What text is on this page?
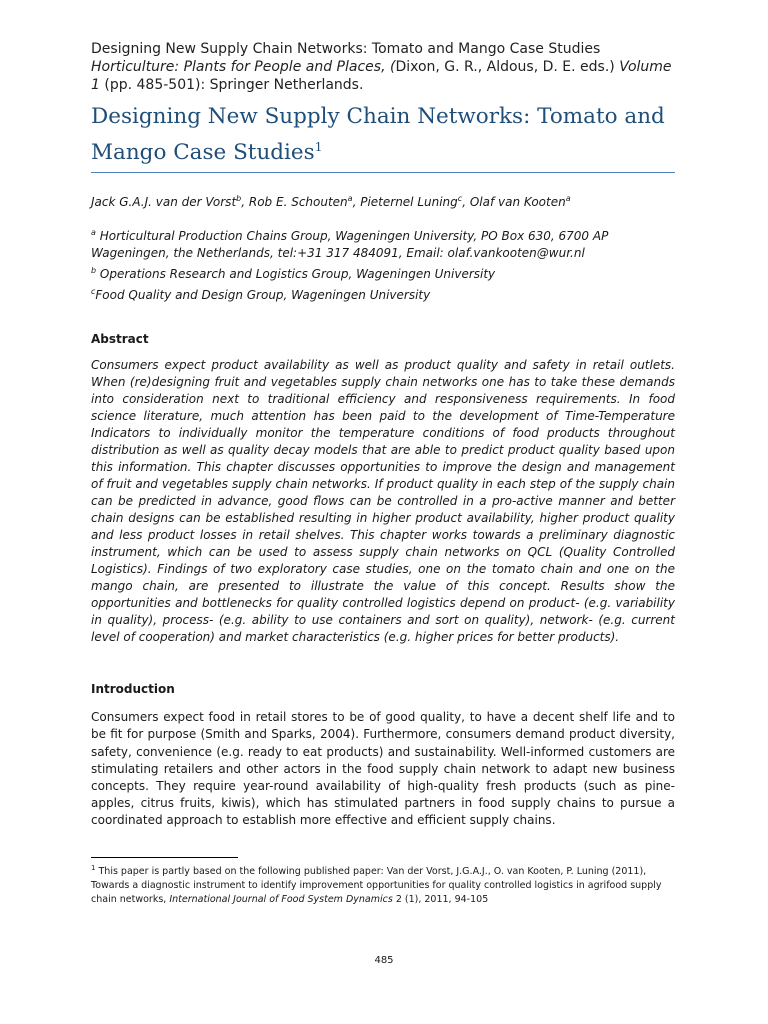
Designing New Supply Chain Networks: Tomato and Mango Case Studies
Horticulture: Plants for People and Places, (Dixon, G. R., Aldous, D. E. eds.) Volume 1 (pp. 485-501): Springer Netherlands.
Designing New Supply Chain Networks: Tomato and Mango Case Studies$^1$
Jack G.A.J. van der Vorst$^b$, Rob E. Schouten$^a$, Pieternel Luning$^c$, Olaf van Kooten$^a$
$^a$ Horticultural Production Chains Group, Wageningen University, PO Box 630, 6700 AP Wageningen, the Netherlands, tel:+31 317 484091, Email: olaf.vankooten@wur.nl
$^b$ Operations Research and Logistics Group, Wageningen University
$^c$Food Quality and Design Group, Wageningen University
Abstract
Consumers expect product availability as well as product quality and safety in retail outlets. When (re)designing fruit and vegetables supply chain networks one has to take these demands into consideration next to traditional efficiency and responsiveness requirements. In food science literature, much attention has been paid to the development of Time-Temperature Indicators to individually monitor the temperature conditions of food products throughout distribution as well as quality decay models that are able to predict product quality based upon this information. This chapter discusses opportunities to improve the design and management of fruit and vegetables supply chain networks. If product quality in each step of the supply chain can be predicted in advance, good flows can be controlled in a pro-active manner and better chain designs can be established resulting in higher product availability, higher product quality and less product losses in retail shelves. This chapter works towards a preliminary diagnostic instrument, which can be used to assess supply chain networks on QCL (Quality Controlled Logistics). Findings of two exploratory case studies, one on the tomato chain and one on the mango chain, are presented to illustrate the value of this concept. Results show the opportunities and bottlenecks for quality controlled logistics depend on product- (e.g. variability in quality), process- (e.g. ability to use containers and sort on quality), network- (e.g. current level of cooperation) and market characteristics (e.g. higher prices for better products).
Introduction
Consumers expect food in retail stores to be of good quality, to have a decent shelf life and to be fit for purpose (Smith and Sparks, 2004). Furthermore, consumers demand product diversity, safety, convenience (e.g. ready to eat products) and sustainability. Well-informed customers are stimulating retailers and other actors in the food supply chain network to adapt new business concepts. They require year-round availability of high-quality fresh products (such as pine-apples, citrus fruits, kiwis), which has stimulated partners in food supply chains to pursue a coordinated approach to establish more effective and efficient supply chains.
$^1$ This paper is partly based on the following published paper: Van der Vorst, J.G.A.J., O. van Kooten, P. Luning (2011), Towards a diagnostic instrument to identify improvement opportunities for quality controlled logistics in agrifood supply chain networks, International Journal of Food System Dynamics 2 (1), 2011, 94-105
485
